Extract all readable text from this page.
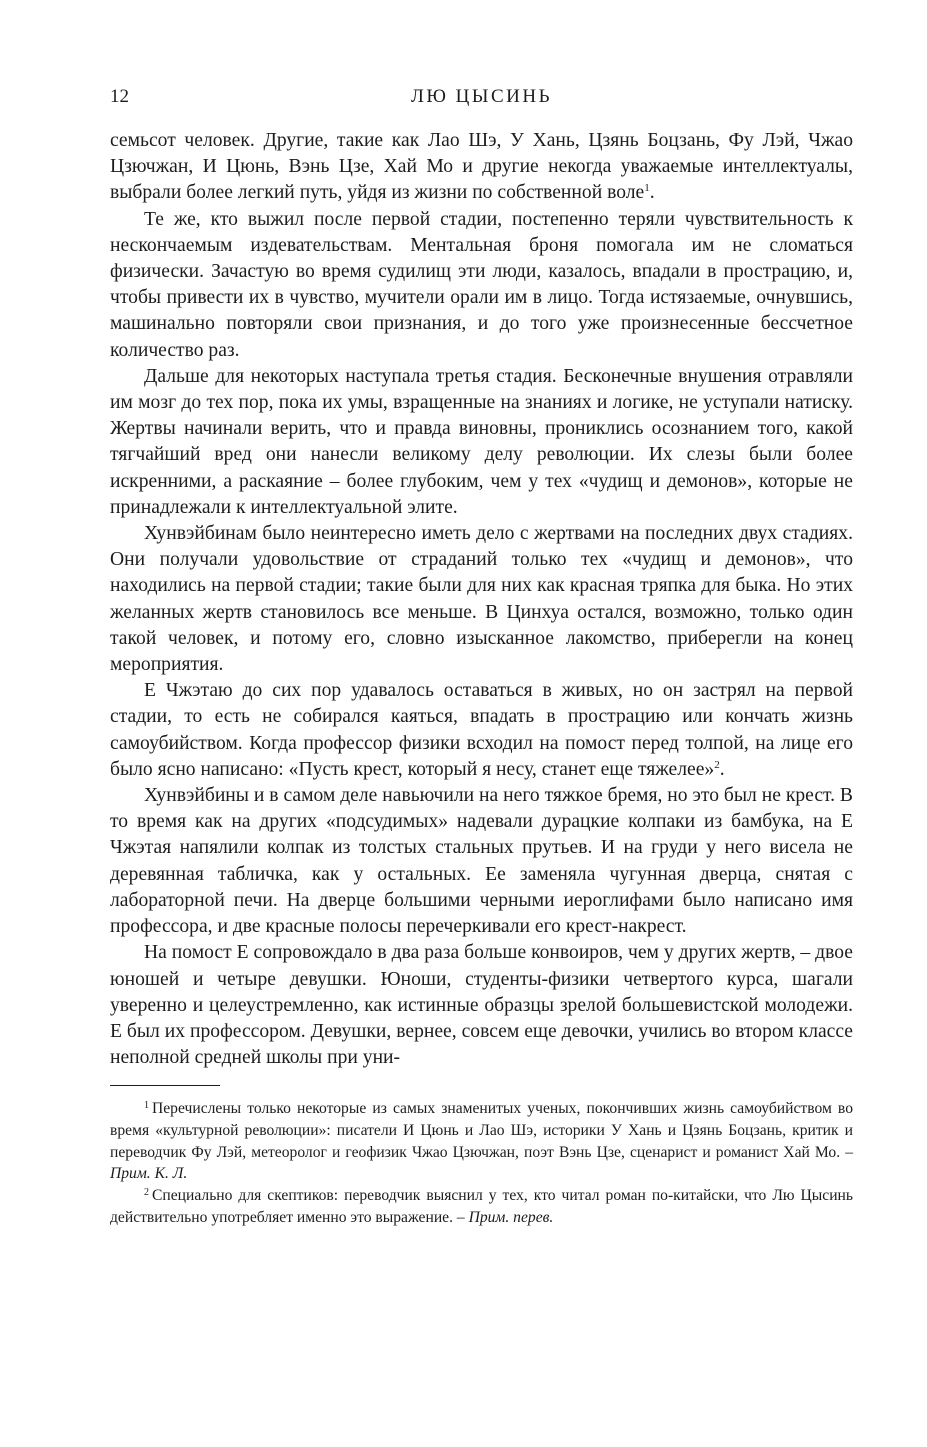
12	ЛЮ ЦЫСИНЬ

семьсот человек. Другие, такие как Лао Шэ, У Хань, Цзянь Боцзань, Фу Лэй, Чжао Цзючжан, И Цюнь, Вэнь Цзе, Хай Мо и другие некогда уважаемые интеллектуалы, выбрали более легкий путь, уйдя из жизни по собственной воле$^1$.

Те же, кто выжил после первой стадии, постепенно теряли чувствительность к нескончаемым издевательствам. Ментальная броня помогала им не сломаться физически. Зачастую во время судилищ эти люди, казалось, впадали в прострацию, и, чтобы привести их в чувство, мучители орали им в лицо. Тогда истязаемые, очнувшись, машинально повторяли свои признания, и до того уже произнесенные бессчетное количество раз.

Дальше для некоторых наступала третья стадия. Бесконечные внушения отравляли им мозг до тех пор, пока их умы, взращенные на знаниях и логике, не уступали натиску. Жертвы начинали верить, что и правда виновны, прониклись осознанием того, какой тягчайший вред они нанесли великому делу революции. Их слезы были более искренними, а раскаяние – более глубоким, чем у тех «чудищ и демонов», которые не принадлежали к интеллектуальной элите.

Хунвэйбинам было неинтересно иметь дело с жертвами на последних двух стадиях. Они получали удовольствие от страданий только тех «чудищ и демонов», что находились на первой стадии; такие были для них как красная тряпка для быка. Но этих желанных жертв становилось все меньше. В Цинхуа остался, возможно, только один такой человек, и потому его, словно изысканное лакомство, приберегли на конец мероприятия.

Е Чжэтаю до сих пор удавалось оставаться в живых, но он застрял на первой стадии, то есть не собирался каяться, впадать в прострацию или кончать жизнь самоубийством. Когда профессор физики всходил на помост перед толпой, на лице его было ясно написано: «Пусть крест, который я несу, станет еще тяжелее»$^2$.

Хунвэйбины и в самом деле навьючили на него тяжкое бремя, но это был не крест. В то время как на других «подсудимых» надевали дурацкие колпаки из бамбука, на Е Чжэтая напялили колпак из толстых стальных прутьев. И на груди у него висела не деревянная табличка, как у остальных. Ее заменяла чугунная дверца, снятая с лабораторной печи. На дверце большими черными иероглифами было написано имя профессора, и две красные полосы перечеркивали его крест-накрест.

На помост Е сопровождало в два раза больше конвоиров, чем у других жертв, – двое юношей и четыре девушки. Юноши, студенты-физики четвертого курса, шагали уверенно и целеустремленно, как истинные образцы зрелой большевистской молодежи. Е был их профессором. Девушки, вернее, совсем еще девочки, учились во втором классе неполной средней школы при уни-

$^1$ Перечислены только некоторые из самых знаменитых ученых, покончивших жизнь самоубийством во время «культурной революции»: писатели И Цюнь и Лао Шэ, историки У Хань и Цзянь Боцзань, критик и переводчик Фу Лэй, метеоролог и геофизик Чжао Цзючжан, поэт Вэнь Цзе, сценарист и романист Хай Мо. – Прим. К. Л.

$^2$ Специально для скептиков: переводчик выяснил у тех, кто читал роман по-китайски, что Лю Цысинь действительно употребляет именно это выражение. – Прим. перев.
